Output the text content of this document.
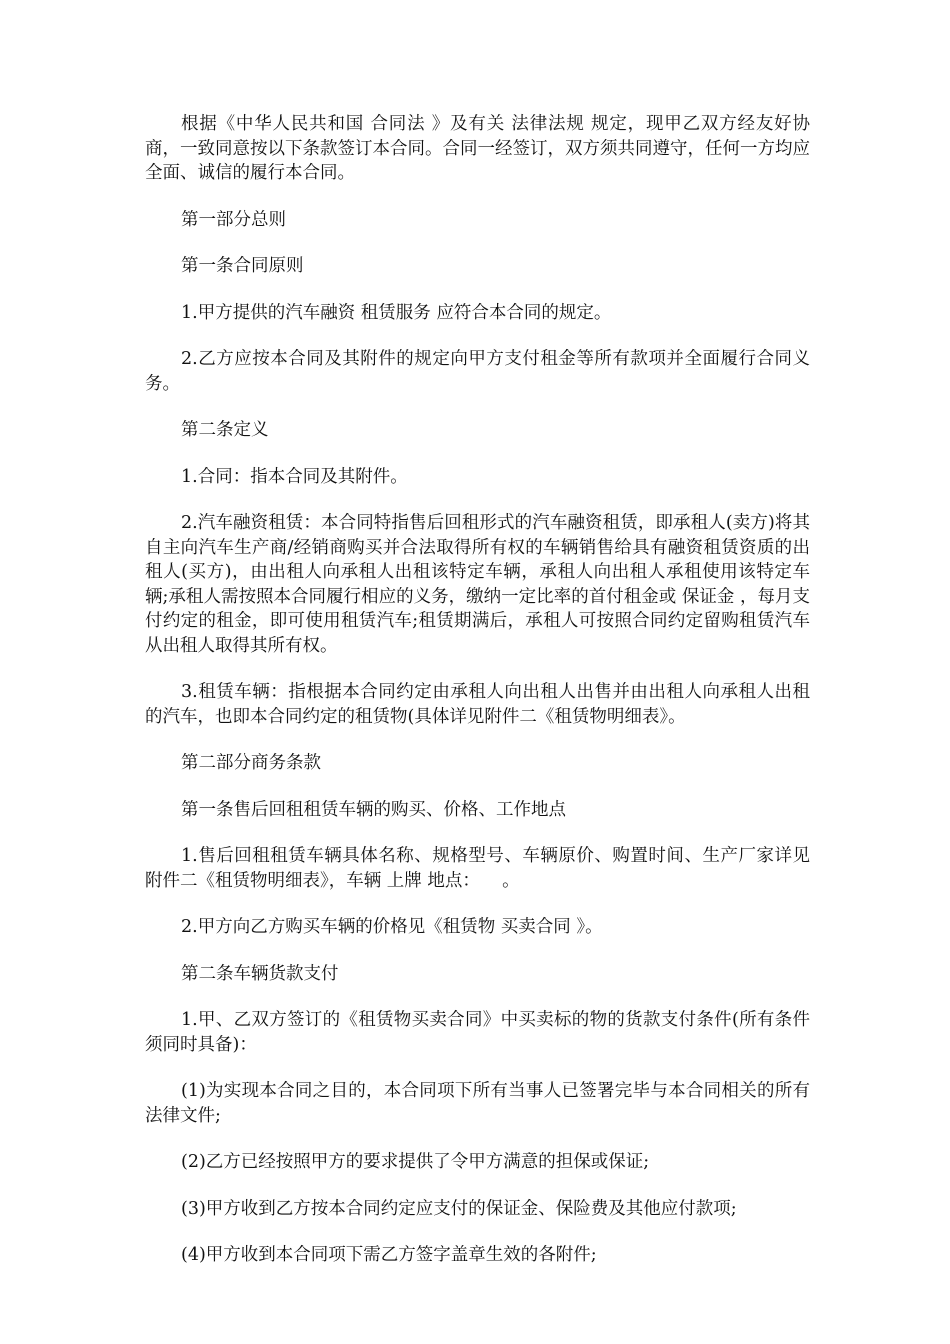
根据《中华人民共和国 合同法 》及有关 法律法规 规定，现甲乙双方经友好协商，一致同意按以下条款签订本合同。合同一经签订，双方须共同遵守，任何一方均应全面、诚信的履行本合同。

第一部分总则

第一条合同原则

1.甲方提供的汽车融资 租赁服务 应符合本合同的规定。

2.乙方应按本合同及其附件的规定向甲方支付租金等所有款项并全面履行合同义务。

第二条定义

1.合同：指本合同及其附件。

2.汽车融资租赁：本合同特指售后回租形式的汽车融资租赁，即承租人(卖方)将其自主向汽车生产商/经销商购买并合法取得所有权的车辆销售给具有融资租赁资质的出租人(买方)，由出租人向承租人出租该特定车辆，承租人向出租人承租使用该特定车辆;承租人需按照本合同履行相应的义务，缴纳一定比率的首付租金或 保证金 ，每月支付约定的租金，即可使用租赁汽车;租赁期满后，承租人可按照合同约定留购租赁汽车从出租人取得其所有权。

3.租赁车辆：指根据本合同约定由承租人向出租人出售并由出租人向承租人出租的汽车，也即本合同约定的租赁物(具体详见附件二《租赁物明细表》。

第二部分商务条款

第一条售后回租租赁车辆的购买、价格、工作地点

1.售后回租租赁车辆具体名称、规格型号、车辆原价、购置时间、生产厂家详见附件二《租赁物明细表》，车辆 上牌 地点：    。

2.甲方向乙方购买车辆的价格见《租赁物 买卖合同 》。

第二条车辆货款支付

1.甲、乙双方签订的《租赁物买卖合同》中买卖标的物的货款支付条件(所有条件须同时具备)：

(1)为实现本合同之目的，本合同项下所有当事人已签署完毕与本合同相关的所有法律文件;

(2)乙方已经按照甲方的要求提供了令甲方满意的担保或保证;

(3)甲方收到乙方按本合同约定应支付的保证金、保险费及其他应付款项;

(4)甲方收到本合同项下需乙方签字盖章生效的各附件;
